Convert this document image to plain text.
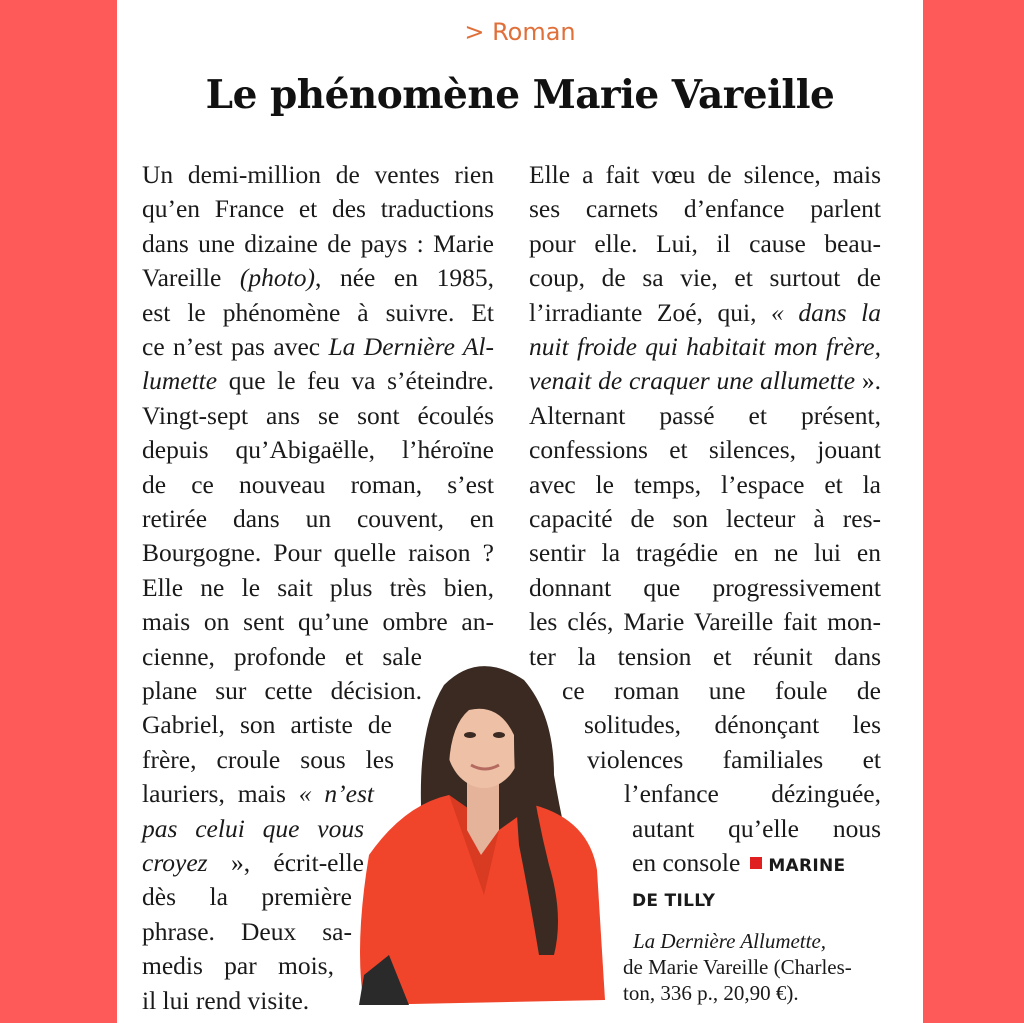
> Roman
Le phénomène Marie Vareille
Un demi-million de ventes rien
qu’en France et des traductions
dans une dizaine de pays : Marie
Vareille (photo), née en 1985,
est le phénomène à suivre. Et
ce n’est pas avec La Dernière Al-
lumette que le feu va s’éteindre.
Vingt-sept ans se sont écoulés
depuis qu’Abigaëlle, l’héroïne
de ce nouveau roman, s’est
retirée dans un couvent, en
Bourgogne. Pour quelle raison ?
Elle ne le sait plus très bien,
mais on sent qu’une ombre an-
cienne, profonde et sale
plane sur cette décision.
Gabriel, son artiste de
frère, croule sous les
lauriers, mais « n’est
pas celui que vous
croyez », écrit-elle
dès la première
phrase. Deux sa-
medis par mois,
il lui rend visite.
Elle a fait vœu de silence, mais
ses carnets d’enfance parlent
pour elle. Lui, il cause beau-
coup, de sa vie, et surtout de
l’irradiante Zoé, qui, « dans la
nuit froide qui habitait mon frère,
venait de craquer une allumette ».
Alternant passé et présent,
confessions et silences, jouant
avec le temps, l’espace et la
capacité de son lecteur à res-
sentir la tragédie en ne lui en
donnant que progressivement
les clés, Marie Vareille fait mon-
ter la tension et réunit dans
ce roman une foule de
solitudes, dénonçant les
violences familiales et
l’enfance dézinguée,
autant qu’elle nous
en console MARINE
DE TILLY
La Dernière Allumette,
de Marie Vareille (Charles-
ton, 336 p., 20,90 €).
